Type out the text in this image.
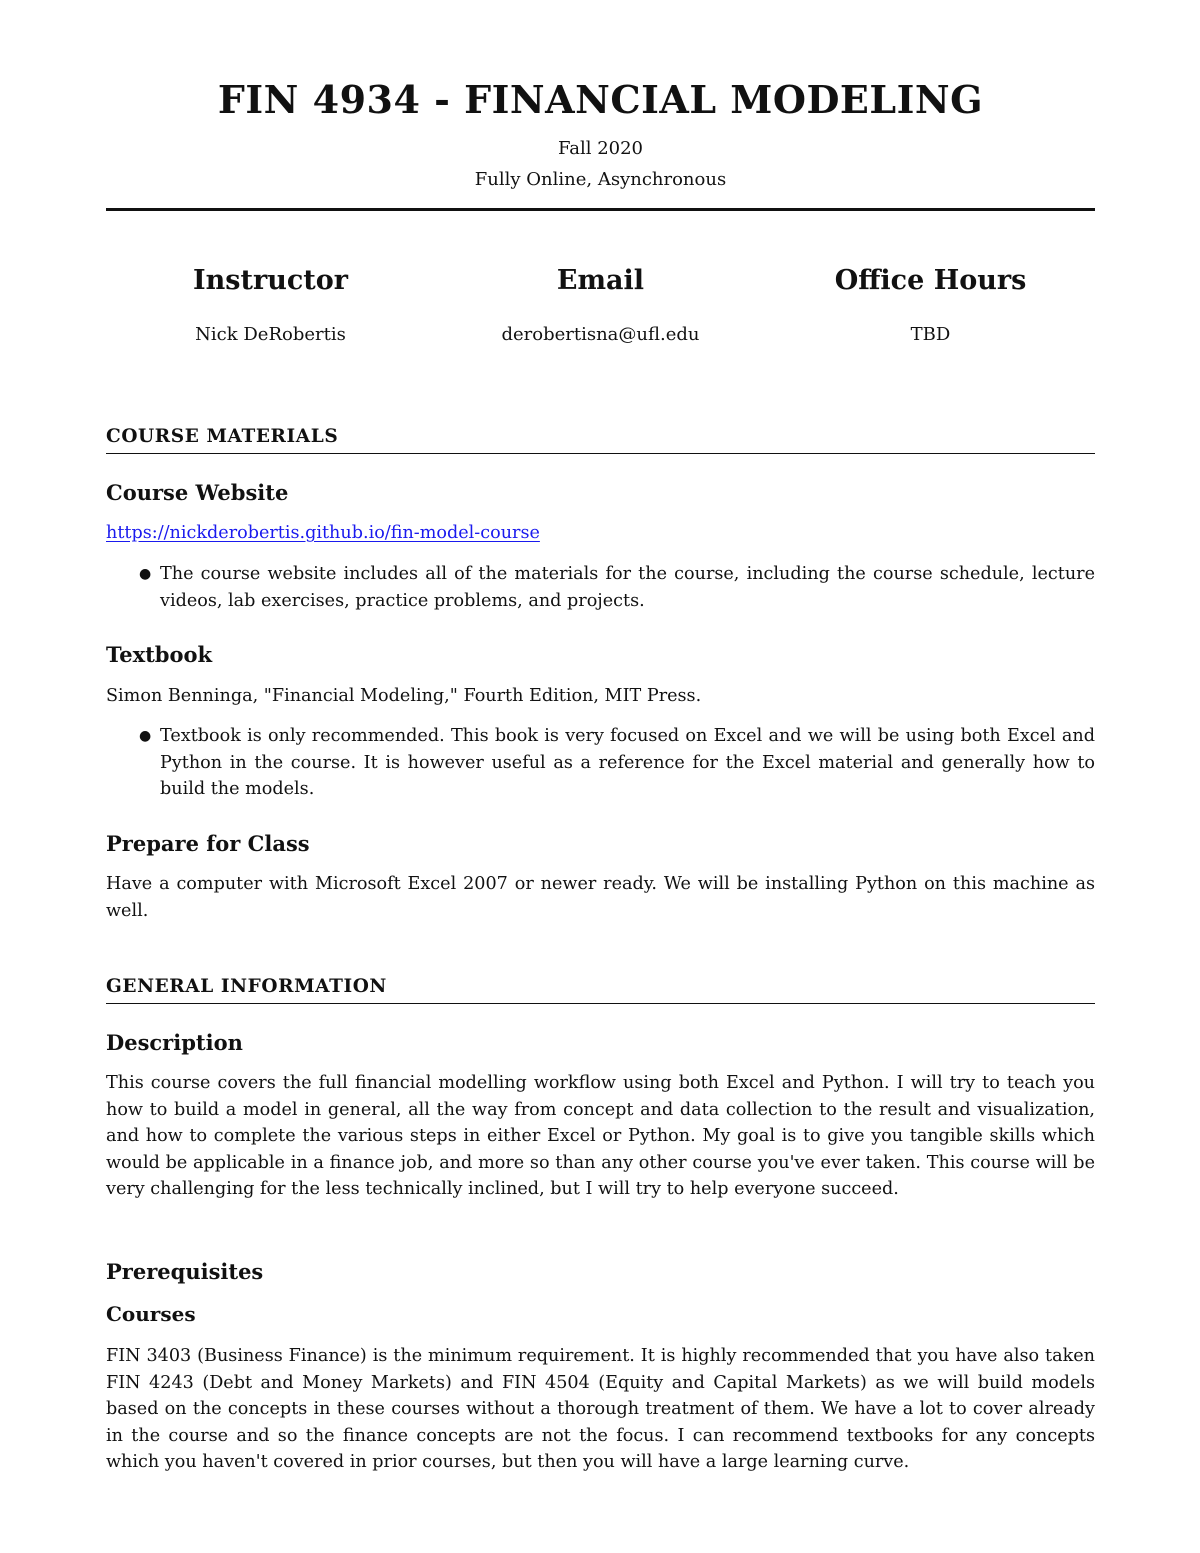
FIN 4934 - FINANCIAL MODELING
Fall 2020
Fully Online, Asynchronous
Instructor
Nick DeRobertis
Email
derobertisna@ufl.edu
Office Hours
TBD
COURSE MATERIALS
Course Website
https://nickderobertis.github.io/fin-model-course
● The course website includes all of the materials for the course, including the course schedule, lecture videos, lab exercises, practice problems, and projects.
Textbook

Simon Benninga, "Financial Modeling," Fourth Edition, MIT Press.

● Textbook is only recommended. This book is very focused on Excel and we will be using both Excel and Python in the course. It is however useful as a reference for the Excel material and generally how to build the models.
Prepare for Class

Have a computer with Microsoft Excel 2007 or newer ready. We will be installing Python on this machine as well.

GENERAL INFORMATION
Description

This course covers the full financial modelling workflow using both Excel and Python. I will try to teach you how to build a model in general, all the way from concept and data collection to the result and visualization, and how to complete the various steps in either Excel or Python. My goal is to give you tangible skills which would be applicable in a finance job, and more so than any other course you've ever taken. This course will be very challenging for the less technically inclined, but I will try to help everyone succeed.

Prerequisites
Courses

FIN 3403 (Business Finance) is the minimum requirement. It is highly recommended that you have also taken FIN 4243 (Debt and Money Markets) and FIN 4504 (Equity and Capital Markets) as we will build models based on the concepts in these courses without a thorough treatment of them. We have a lot to cover already in the course and so the finance concepts are not the focus. I can recommend textbooks for any concepts which you haven't covered in prior courses, but then you will have a large learning curve.
